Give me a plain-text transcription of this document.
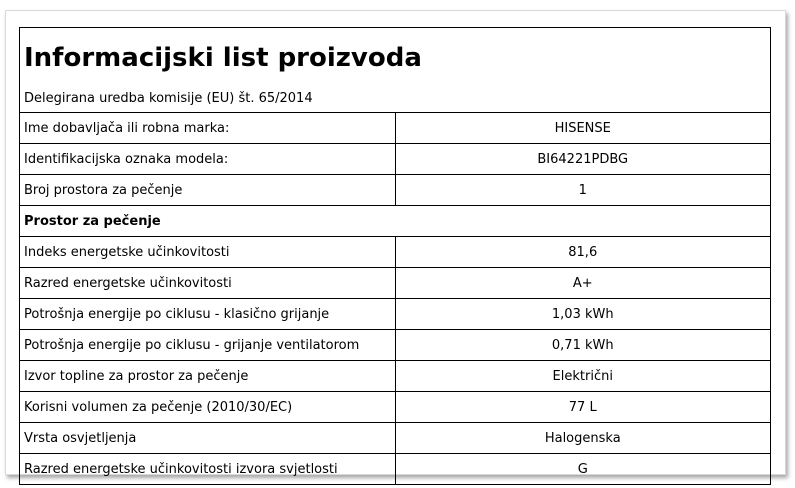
Informacijski list proizvoda	
Delegirana uredba komisije (EU) št. 65/2014	
Ime dobavljača ili robna marka:	HISENSE
Identifikacijska oznaka modela:	BI64221PDBG
Broj prostora za pečenje	1
Prostor za pečenje	
Indeks energetske učinkovitosti	81,6
Razred energetske učinkovitosti	A+
Potrošnja energije po ciklusu - klasično grijanje	1,03 kWh
Potrošnja energije po ciklusu - grijanje ventilatorom	0,71 kWh
Izvor topline za prostor za pečenje	Električni
Korisni volumen za pečenje (2010/30/EC)	77 L
Vrsta osvjetljenja	Halogenska
Razred energetske učinkovitosti izvora svjetlosti	G
